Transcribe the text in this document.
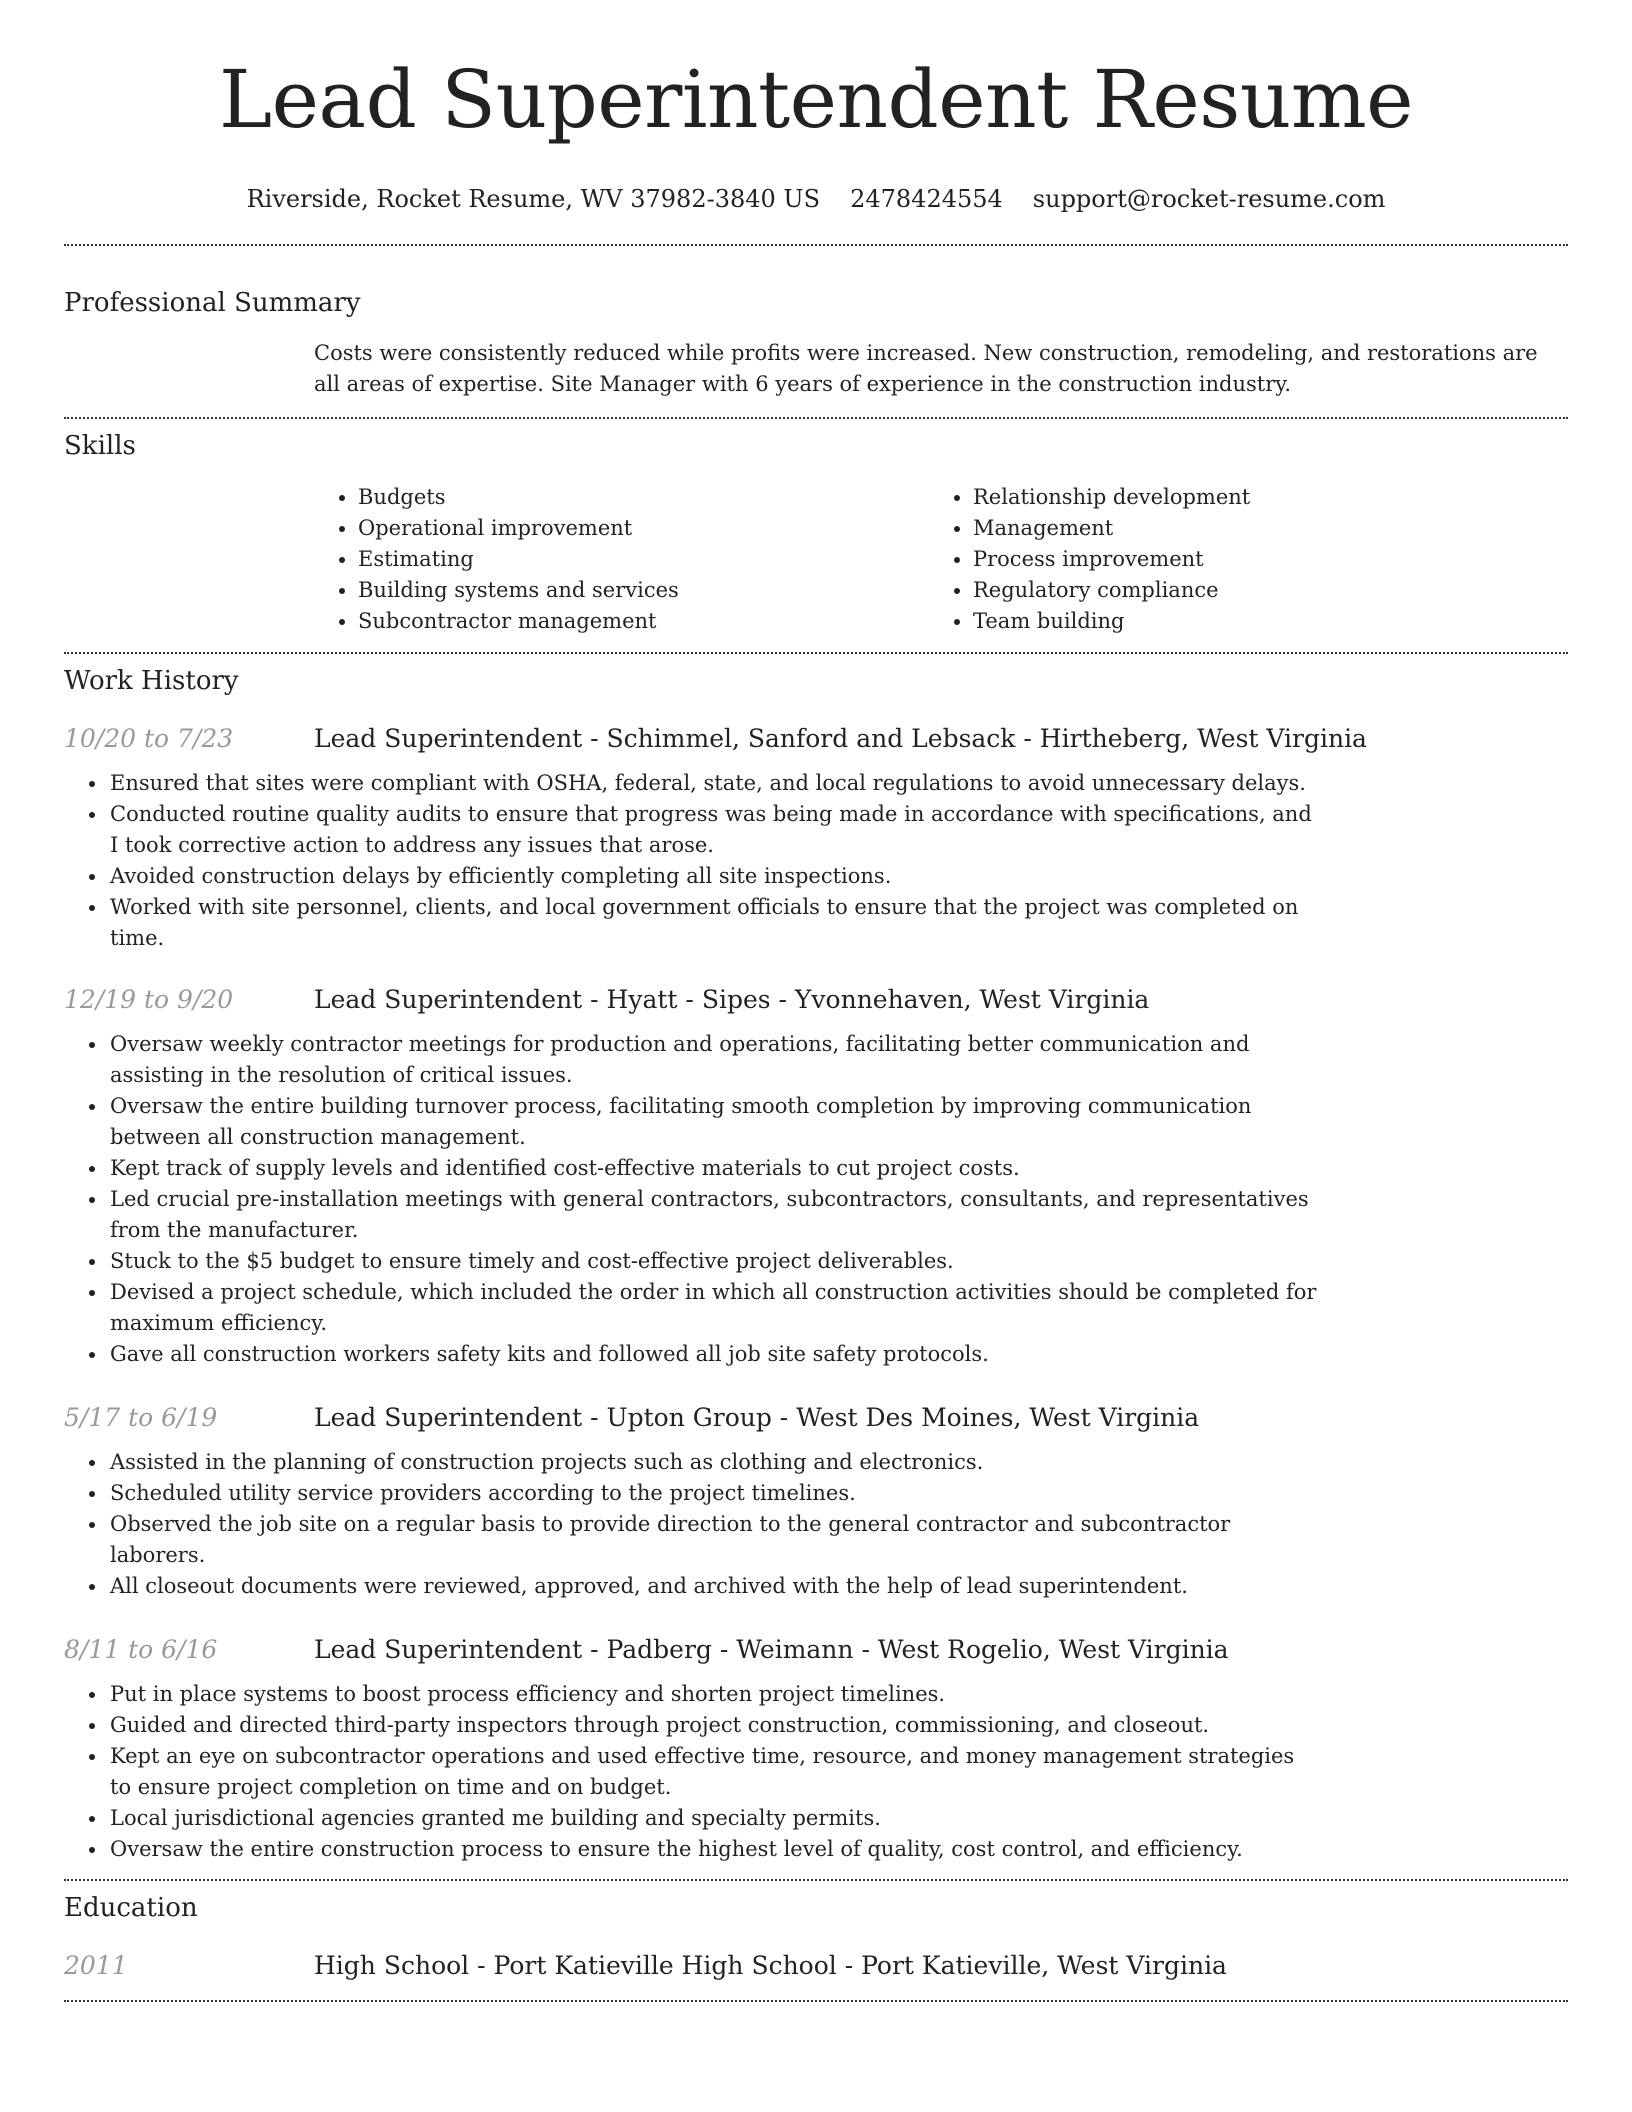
Lead Superintendent Resume
Riverside, Rocket Resume, WV 37982-3840 US 2478424554 support@rocket-resume.com
Professional Summary
Costs were consistently reduced while profits were increased. New construction, remodeling, and restorations are all areas of expertise. Site Manager with 6 years of experience in the construction industry.
Skills
• Budgets
• Operational improvement
• Estimating
• Building systems and services
• Subcontractor management
• Relationship development
• Management
• Process improvement
• Regulatory compliance
• Team building
Work History
10/20 to 7/23	Lead Superintendent - Schimmel, Sanford and Lebsack - Hirtheberg, West Virginia
• Ensured that sites were compliant with OSHA, federal, state, and local regulations to avoid unnecessary delays.
• Conducted routine quality audits to ensure that progress was being made in accordance with specifications, and I took corrective action to address any issues that arose.
• Avoided construction delays by efficiently completing all site inspections.
• Worked with site personnel, clients, and local government officials to ensure that the project was completed on time.
12/19 to 9/20	Lead Superintendent - Hyatt - Sipes - Yvonnehaven, West Virginia
• Oversaw weekly contractor meetings for production and operations, facilitating better communication and assisting in the resolution of critical issues.
• Oversaw the entire building turnover process, facilitating smooth completion by improving communication between all construction management.
• Kept track of supply levels and identified cost-effective materials to cut project costs.
• Led crucial pre-installation meetings with general contractors, subcontractors, consultants, and representatives from the manufacturer.
• Stuck to the $5 budget to ensure timely and cost-effective project deliverables.
• Devised a project schedule, which included the order in which all construction activities should be completed for maximum efficiency.
• Gave all construction workers safety kits and followed all job site safety protocols.
5/17 to 6/19	Lead Superintendent - Upton Group - West Des Moines, West Virginia
• Assisted in the planning of construction projects such as clothing and electronics.
• Scheduled utility service providers according to the project timelines.
• Observed the job site on a regular basis to provide direction to the general contractor and subcontractor laborers.
• All closeout documents were reviewed, approved, and archived with the help of lead superintendent.
8/11 to 6/16	Lead Superintendent - Padberg - Weimann - West Rogelio, West Virginia
• Put in place systems to boost process efficiency and shorten project timelines.
• Guided and directed third-party inspectors through project construction, commissioning, and closeout.
• Kept an eye on subcontractor operations and used effective time, resource, and money management strategies to ensure project completion on time and on budget.
• Local jurisdictional agencies granted me building and specialty permits.
• Oversaw the entire construction process to ensure the highest level of quality, cost control, and efficiency.
Education
2011	High School - Port Katieville High School - Port Katieville, West Virginia
